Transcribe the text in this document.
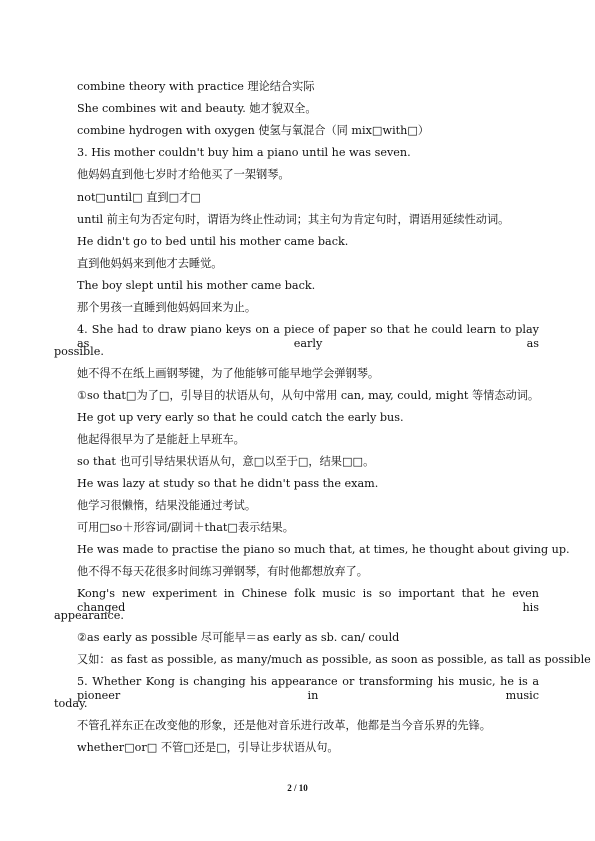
combine theory with practice 理论结合实际
She combines wit and beauty. 她才貌双全。
combine hydrogen with oxygen 使氢与氧混合（同 mix□with□）
3. His mother couldn't buy him a piano until he was seven.
他妈妈直到他七岁时才给他买了一架钢琴。
not□until□ 直到□才□
until 前主句为否定句时，谓语为终止性动词；其主句为肯定句时，谓语用延续性动词。
He didn't go to bed until his mother came back.
直到他妈妈来到他才去睡觉。
The boy slept until his mother came back.
那个男孩一直睡到他妈妈回来为止。
4. She had to draw piano keys on a piece of paper so that he could learn to play as early as
possible.
她不得不在纸上画钢琴键，为了他能够可能早地学会弹钢琴。
①so that□为了□，引导目的状语从句，从句中常用 can, may, could, might 等情态动词。
He got up very early so that he could catch the early bus.
他起得很早为了是能赶上早班车。
so that 也可引导结果状语从句，意□以至于□，结果□□。
He was lazy at study so that he didn't pass the exam.
他学习很懒惰，结果没能通过考试。
可用□so＋形容词/副词＋that□表示结果。
He was made to practise the piano so much that, at times, he thought about giving up.
他不得不每天花很多时间练习弹钢琴，有时他都想放弃了。
Kong's new experiment in Chinese folk music is so important that he even changed his
appearance.
②as early as possible 尽可能早＝as early as sb. can/ could
又如：as fast as possible, as many/much as possible, as soon as possible, as tall as possible
5. Whether Kong is changing his appearance or transforming his music, he is a pioneer in music
today.
不管孔祥东正在改变他的形象，还是他对音乐进行改革，他都是当今音乐界的先锋。
whether□or□ 不管□还是□，引导让步状语从句。
2 / 10
